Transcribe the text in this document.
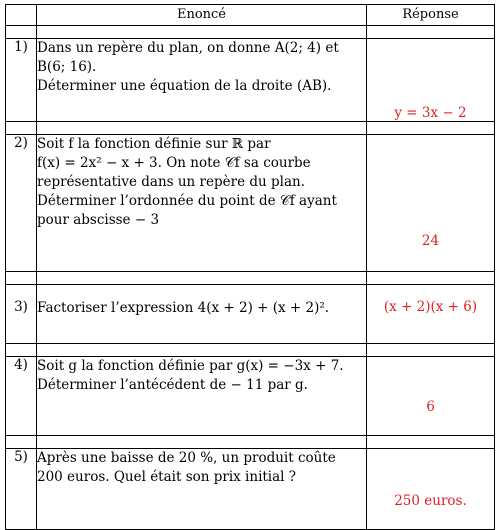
	Enoncé	Réponse

1)	Dans un repère du plan, on donne A(2; 4) et
B(6; 16).
Déterminer une équation de la droite (AB).	y = 3x − 2

2)	Soit f la fonction définie sur ℝ par
f(x) = 2x² − x + 3. On note 𝒞f sa courbe
représentative dans un repère du plan.
Déterminer l’ordonnée du point de 𝒞f ayant
pour abscisse − 3	24

3)	Factoriser l’expression 4(x + 2) + (x + 2)².	(x + 2)(x + 6)

4)	Soit g la fonction définie par g(x) = −3x + 7.
Déterminer l’antécédent de − 11 par g.	6

5)	Après une baisse de 20 %, un produit coûte
200 euros. Quel était son prix initial ?	250 euros.
